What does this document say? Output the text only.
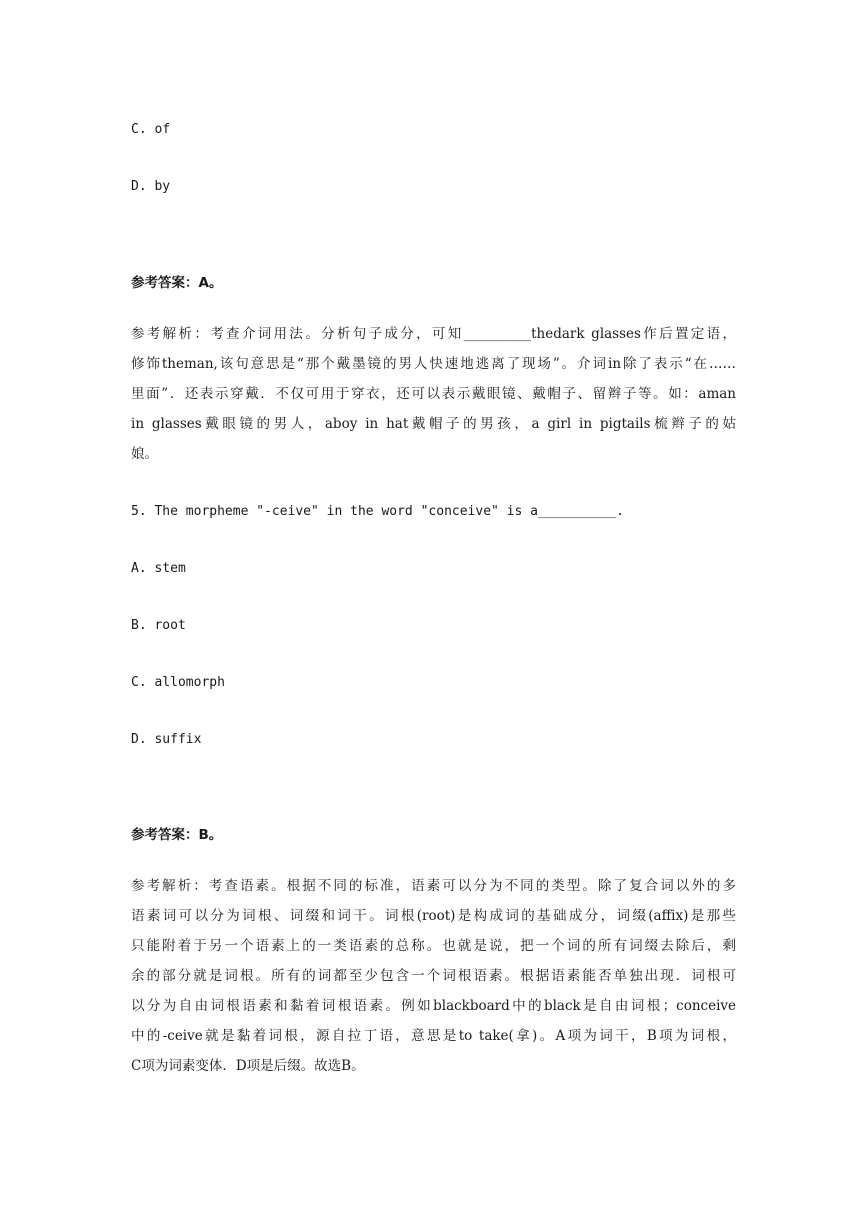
C. of
D. by
参考答案：A。
参考解析：考查介词用法。分析句子成分，可知__________thedark glasses作后置定语，
修饰theman,该句意思是“那个戴墨镜的男人快速地逃离了现场”。介词in除了表示“在……
里面”．还表示穿戴．不仅可用于穿衣，还可以表示戴眼镜、戴帽子、留辫子等。如：aman
in glasses戴眼镜的男人，aboy in hat戴帽子的男孩，a girl in pigtails梳辫子的姑
娘。
5. The morpheme "-ceive" in the word "conceive" is a__________.
A. stem
B. root
C. allomorph
D. suffix
参考答案：B。
参考解析：考查语素。根据不同的标准，语素可以分为不同的类型。除了复合词以外的多
语素词可以分为词根、词缀和词干。词根(root)是构成词的基础成分，词缀(affix)是那些
只能附着于另一个语素上的一类语素的总称。也就是说，把一个词的所有词缀去除后，剩
余的部分就是词根。所有的词都至少包含一个词根语素。根据语素能否单独出现．词根可
以分为自由词根语素和黏着词根语素。例如blackboard中的black是自由词根；conceive
中的-ceive就是黏着词根，源自拉丁语，意思是to take(拿)。A项为词干，B项为词根，
C项为词素变体．D项是后缀。故选B。
